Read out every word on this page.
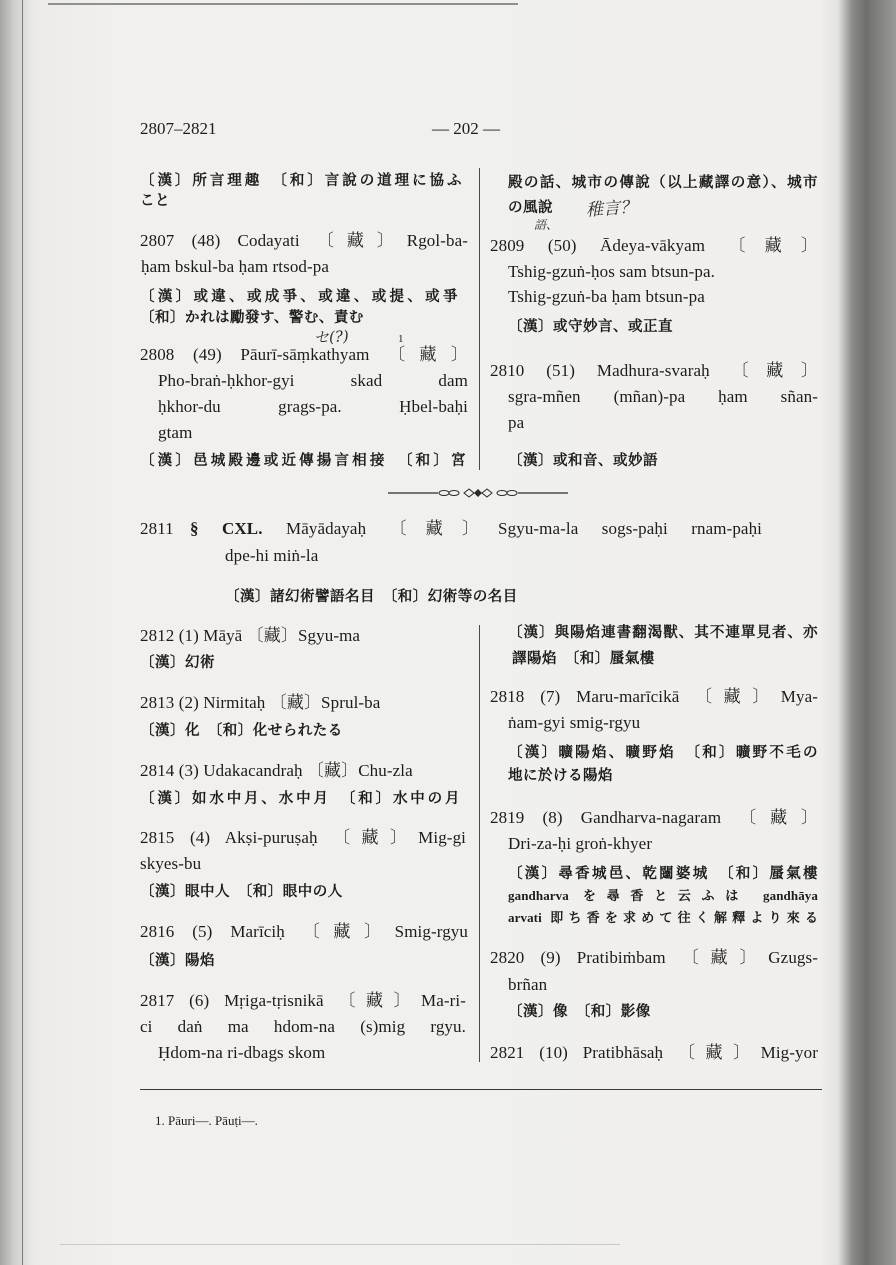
2807–2821	— 202 —
〔漢〕所言理趣　〔和〕言說の道理に協ふ
こと
2807 (48) Codayati 〔藏〕Rgol-ba-
ḥam bskul-ba ḥam rtsod-pa
〔漢〕或違、或成爭、或違、或提、或爭
〔和〕かれは勵發す、警む、責む
セ(?)	1
2808 (49) Pāurī-sāṃkathyam 〔藏〕
Pho-braṅ-ḥkhor-gyi skad dam
ḥkhor-du grags-pa. Ḥbel-baḥi
gtam
〔漢〕邑城殿邊或近傳揚言相接　〔和〕宮
殿の話、城市の傳說（以上藏譯の意）、城市
の風說
語、
稚言？
2809 (50) Ādeya-vākyam 〔藏〕
Tshig-gzuṅ-ḥos sam btsun-pa.
Tshig-gzuṅ-ba ḥam btsun-pa
〔漢〕或守妙言、或正直
2810 (51) Madhura-svaraḥ 〔藏〕
sgra-mñen (mñan)-pa ḥam sñan-
pa
〔漢〕或和音、或妙語
2811 § CXL. Māyādayaḥ 〔藏〕Sgyu-ma-la sogs-paḥi rnam-paḥi
dpe-hi miṅ-la
〔漢〕諸幻術譬語名目　〔和〕幻術等の名目
2812 (1) Māyā 〔藏〕Sgyu-ma
〔漢〕幻術
2813 (2) Nirmitaḥ 〔藏〕Sprul-ba
〔漢〕化　〔和〕化せられたる
2814 (3) Udakacandraḥ 〔藏〕Chu-zla
〔漢〕如水中月、水中月　〔和〕水中の月
2815 (4) Akṣi-puruṣaḥ 〔藏〕Mig-gi
skyes-bu
〔漢〕眼中人　〔和〕眼中の人
2816 (5) Marīciḥ 〔藏〕Smig-rgyu
〔漢〕陽焰
2817 (6) Mṛiga-tṛisnikā 〔藏〕Ma-ri-
ci daṅ ma hdom-na (s)mig rgyu.
Ḥdom-na ri-dbags skom
〔漢〕與陽焰連書翻渴獸、其不連單見者、亦
譯陽焰　〔和〕蜃氣樓
2818 (7) Maru-marīcikā 〔藏〕Mya-
ṅam-gyi smig-rgyu
〔漢〕曠陽焰、曠野焰　〔和〕曠野不毛の
地に於ける陽焰
2819 (8) Gandharva-nagaram 〔藏〕
Dri-za-ḥi groṅ-khyer
〔漢〕尋香城邑、乾闥婆城　〔和〕蜃氣樓
gandharva を尋香と云ふは gandhāya
arvati 即ち香を求めて往く解釋より來る
2820 (9) Pratibiṁbam 〔藏〕Gzugs-
brñan
〔漢〕像　〔和〕影像
2821 (10) Pratibhāsaḥ 〔藏〕Mig-yor
1. Pāuri—. Pāuṭi—.
